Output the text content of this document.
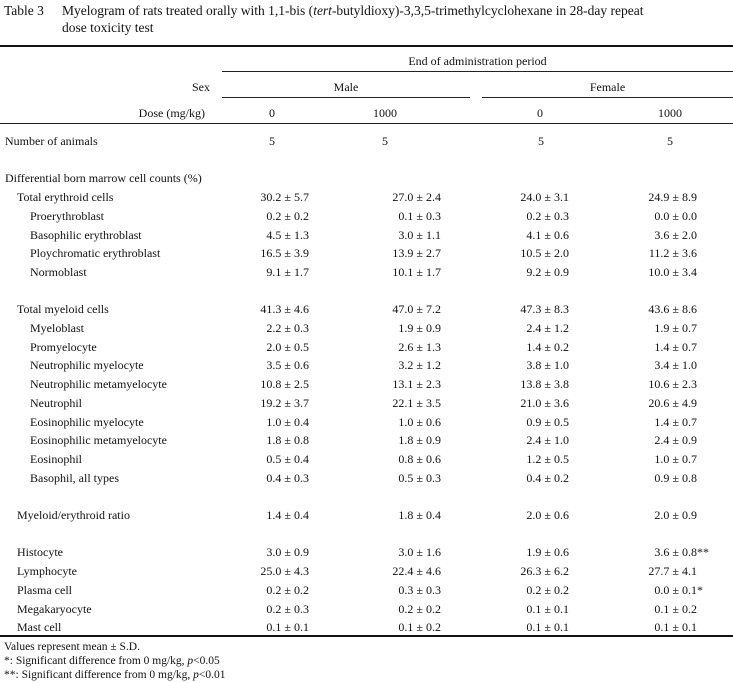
Table 3 Myelogram of rats treated orally with 1,1-bis (tert-butyldioxy)-3,3,5-trimethylcyclohexane in 28-day repeat
dose toxicity test
End of administration period
Sex	Male	Female
Dose (mg/kg)	0	1000	0	1000
Number of animals	5	5	5	5
Differential born marrow cell counts (%)
Total erythroid cells	30.2 ± 5.7	27.0 ± 2.4	24.0 ± 3.1	24.9 ± 8.9
Proerythroblast	0.2 ± 0.2	0.1 ± 0.3	0.2 ± 0.3	0.0 ± 0.0
Basophilic erythroblast	4.5 ± 1.3	3.0 ± 1.1	4.1 ± 0.6	3.6 ± 2.0
Ploychromatic erythroblast	16.5 ± 3.9	13.9 ± 2.7	10.5 ± 2.0	11.2 ± 3.6
Normoblast	9.1 ± 1.7	10.1 ± 1.7	9.2 ± 0.9	10.0 ± 3.4
Total myeloid cells	41.3 ± 4.6	47.0 ± 7.2	47.3 ± 8.3	43.6 ± 8.6
Myeloblast	2.2 ± 0.3	1.9 ± 0.9	2.4 ± 1.2	1.9 ± 0.7
Promyelocyte	2.0 ± 0.5	2.6 ± 1.3	1.4 ± 0.2	1.4 ± 0.7
Neutrophilic myelocyte	3.5 ± 0.6	3.2 ± 1.2	3.8 ± 1.0	3.4 ± 1.0
Neutrophilic metamyelocyte	10.8 ± 2.5	13.1 ± 2.3	13.8 ± 3.8	10.6 ± 2.3
Neutrophil	19.2 ± 3.7	22.1 ± 3.5	21.0 ± 3.6	20.6 ± 4.9
Eosinophilic myelocyte	1.0 ± 0.4	1.0 ± 0.6	0.9 ± 0.5	1.4 ± 0.7
Eosinophilic metamyelocyte	1.8 ± 0.8	1.8 ± 0.9	2.4 ± 1.0	2.4 ± 0.9
Eosinophil	0.5 ± 0.4	0.8 ± 0.6	1.2 ± 0.5	1.0 ± 0.7
Basophil, all types	0.4 ± 0.3	0.5 ± 0.3	0.4 ± 0.2	0.9 ± 0.8
Myeloid/erythroid ratio	1.4 ± 0.4	1.8 ± 0.4	2.0 ± 0.6	2.0 ± 0.9
Histocyte	3.0 ± 0.9	3.0 ± 1.6	1.9 ± 0.6	3.6 ± 0.8**
Lymphocyte	25.0 ± 4.3	22.4 ± 4.6	26.3 ± 6.2	27.7 ± 4.1
Plasma cell	0.2 ± 0.2	0.3 ± 0.3	0.2 ± 0.2	0.0 ± 0.1*
Megakaryocyte	0.2 ± 0.3	0.2 ± 0.2	0.1 ± 0.1	0.1 ± 0.2
Mast cell	0.1 ± 0.1	0.1 ± 0.2	0.1 ± 0.1	0.1 ± 0.1
Values represent mean ± S.D.
*: Significant difference from 0 mg/kg, p<0.05
**: Significant difference from 0 mg/kg, p<0.01
